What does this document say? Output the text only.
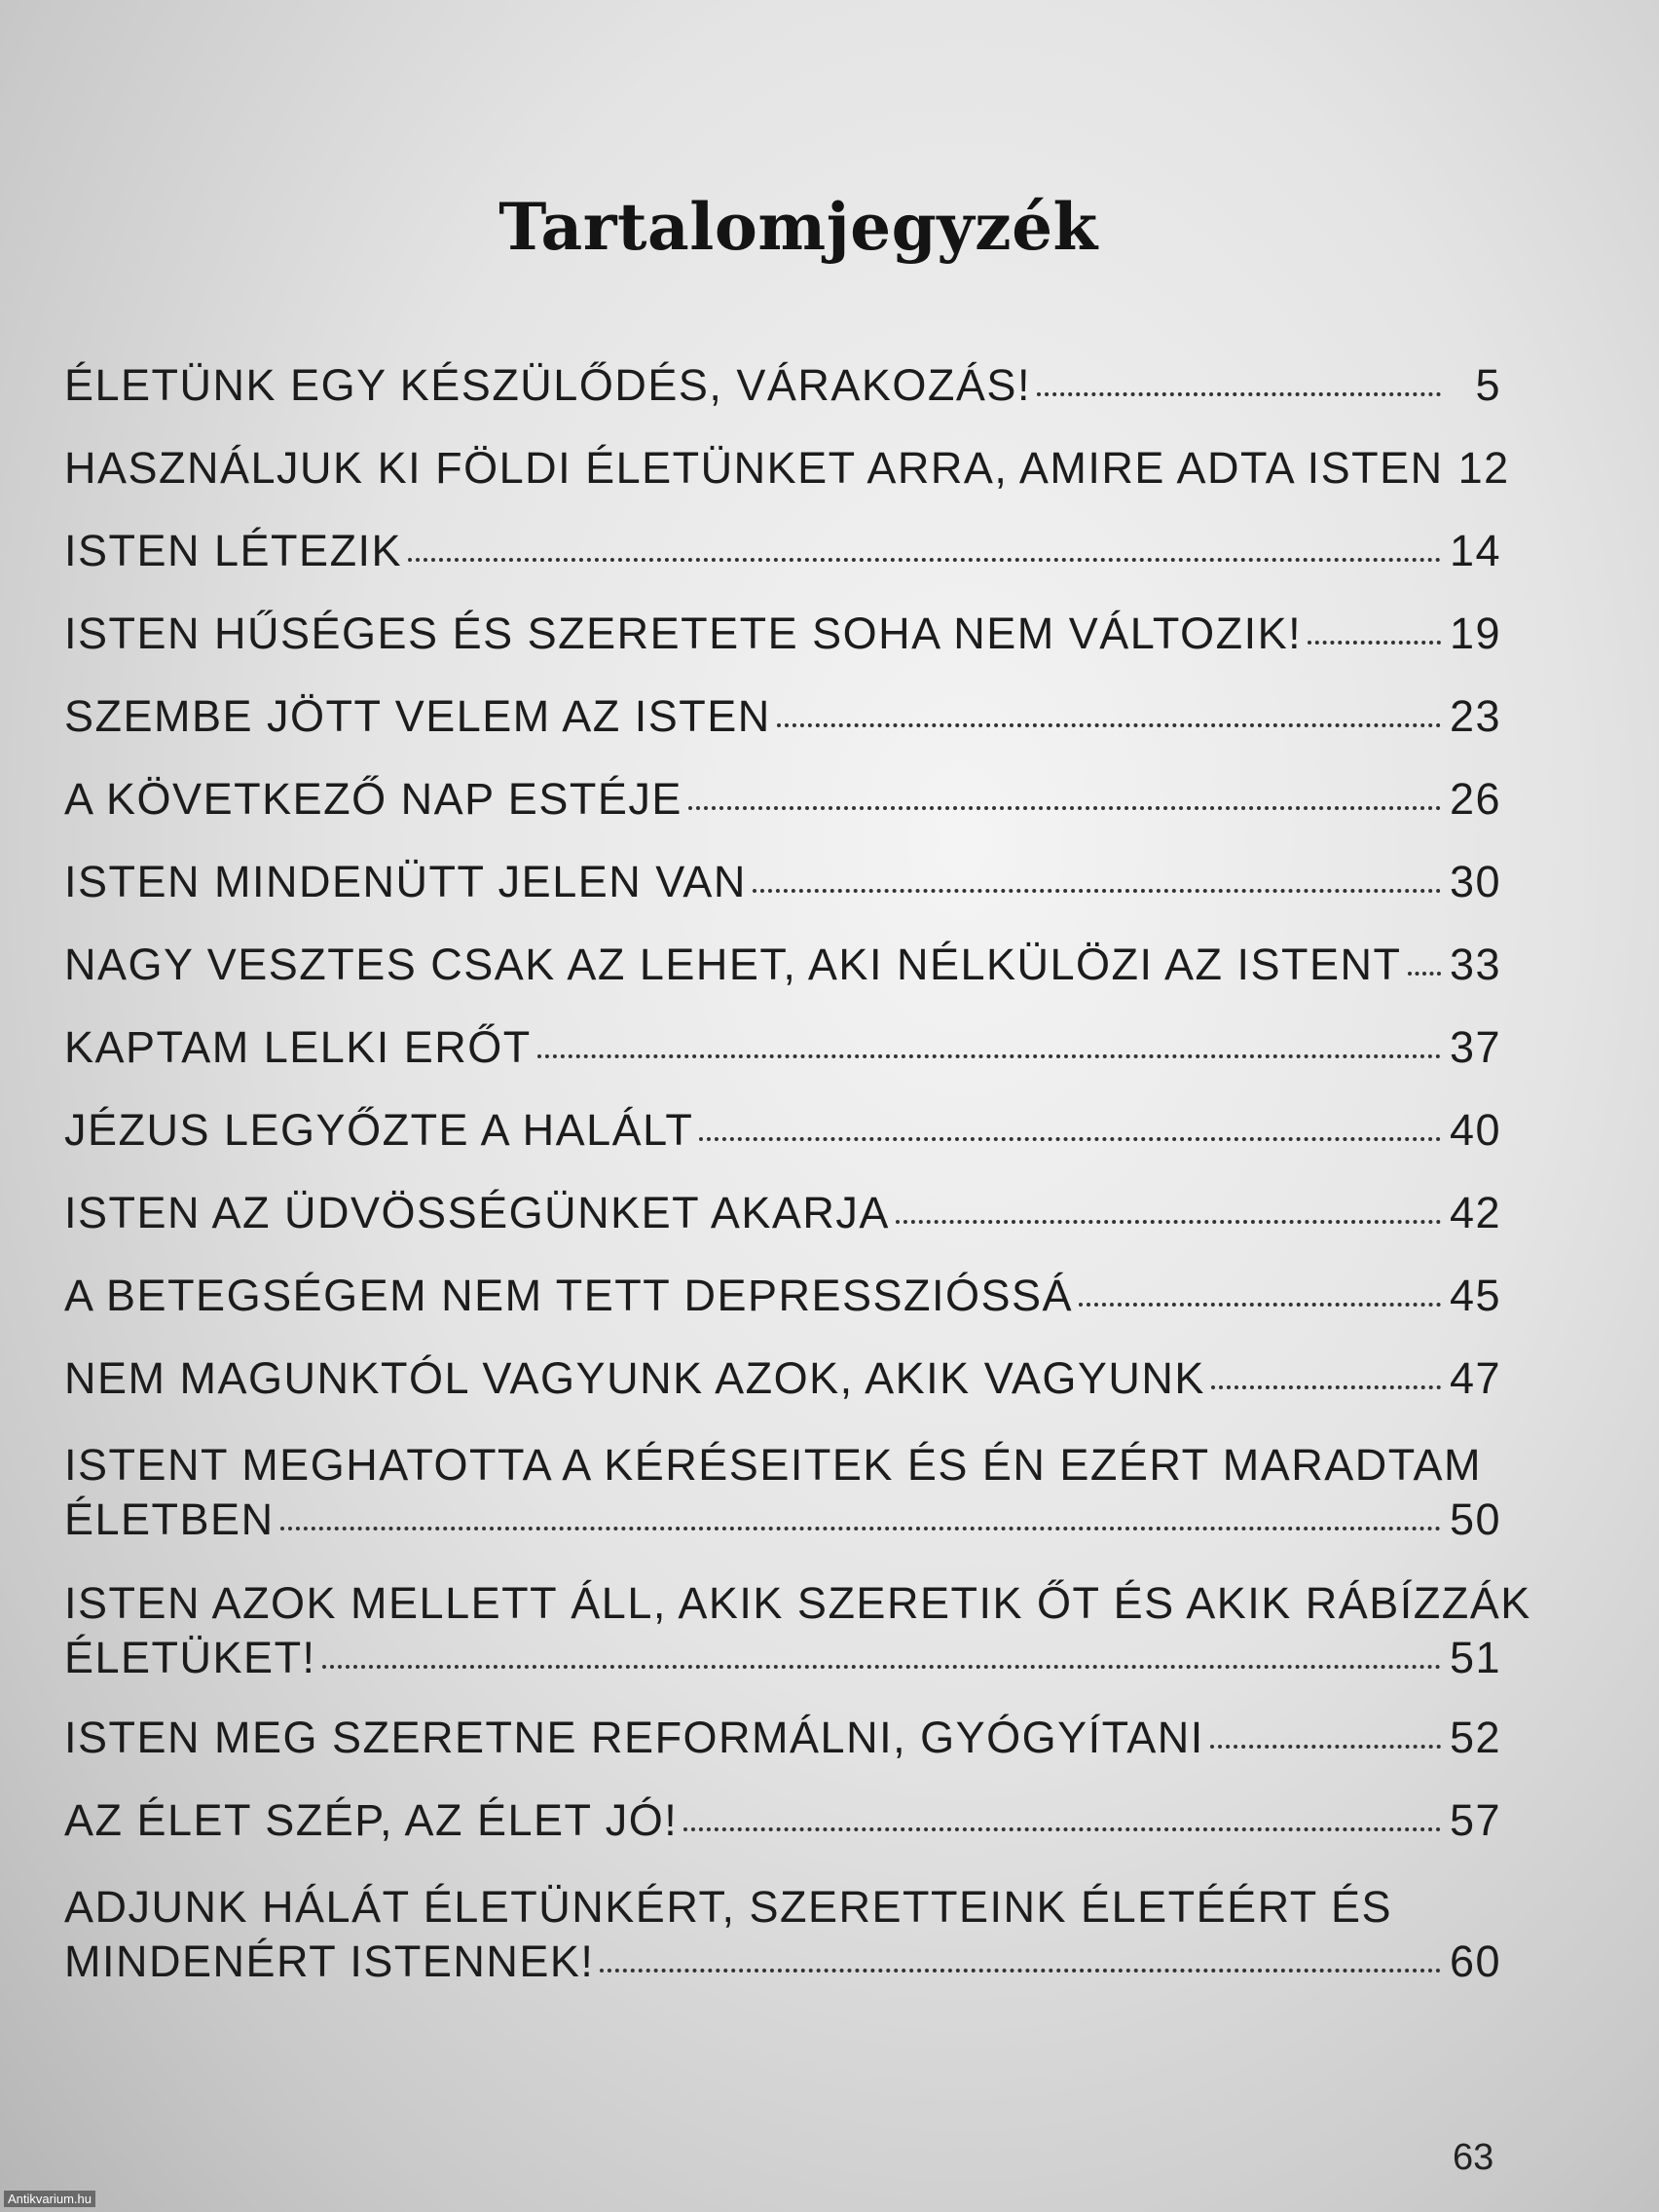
Tartalomjegyzék
ÉLETÜNK EGY KÉSZÜLŐDÉS, VÁRAKOZÁS!	5
HASZNÁLJUK KI FÖLDI ÉLETÜNKET ARRA, AMIRE ADTA ISTEN 12
ISTEN LÉTEZIK	14
ISTEN HŰSÉGES ÉS SZERETETE SOHA NEM VÁLTOZIK!	19
SZEMBE JÖTT VELEM AZ ISTEN	23
A KÖVETKEZŐ NAP ESTÉJE	26
ISTEN MINDENÜTT JELEN VAN	30
NAGY VESZTES CSAK AZ LEHET, AKI NÉLKÜLÖZI AZ ISTENT 33
KAPTAM LELKI ERŐT	37
JÉZUS LEGYŐZTE A HALÁLT	40
ISTEN AZ ÜDVÖSSÉGÜNKET AKARJA	42
A BETEGSÉGEM NEM TETT DEPRESSZIÓSSÁ	45
NEM MAGUNKTÓL VAGYUNK AZOK, AKIK VAGYUNK	47
ISTENT MEGHATOTTA A KÉRÉSEITEK ÉS ÉN EZÉRT MARADTAM
ÉLETBEN	50
ISTEN AZOK MELLETT ÁLL, AKIK SZERETIK ŐT ÉS AKIK RÁBÍZZÁK
ÉLETÜKET!	51
ISTEN MEG SZERETNE REFORMÁLNI, GYÓGYÍTANI	52
AZ ÉLET SZÉP, AZ ÉLET JÓ!	57
ADJUNK HÁLÁT ÉLETÜNKÉRT, SZERETTEINK ÉLETÉÉRT ÉS
MINDENÉRT ISTENNEK!	60
63
Antikvarium.hu
